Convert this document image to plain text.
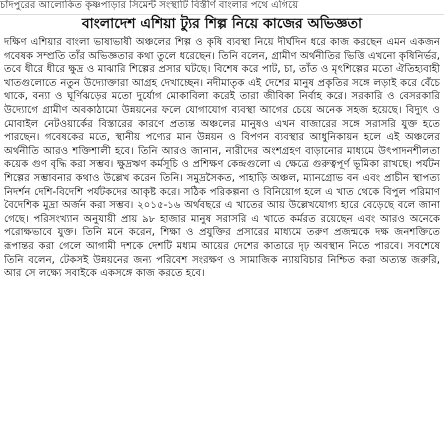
চাঁদপুরের আলোকিত কৃষ্ণপাড়ার সিমেন্ট সংস্থাটি বিস্তীর্ণ বাংলার পথে এগিয়ে
বাংলাদেশ এশিয়া ট্যুর শিল্প নিয়ে কাজের অভিজ্ঞতা

দক্ষিণ এশিয়ার বাংলা ভাষাভাষী অঞ্চলের শিল্প ও কৃষি ব্যবস্থা নিয়ে দীর্ঘদিন ধরে কাজ করছেন এমন একজন গবেষক সম্প্রতি তাঁর অভিজ্ঞতার কথা তুলে ধরেছেন। তিনি বলেন, গ্রামীণ অর্থনীতির ভিত্তি এখনো কৃষিনির্ভর, তবে ধীরে ধীরে ক্ষুদ্র ও মাঝারি শিল্পের প্রসার ঘটছে। বিশেষ করে পাট, চা, তাঁত ও মৃৎশিল্পের মতো ঐতিহ্যবাহী খাতগুলোতে নতুন উদ্যোক্তারা আগ্রহ দেখাচ্ছেন। নদীমাতৃক এই দেশের মানুষ প্রকৃতির সঙ্গে লড়াই করে বেঁচে থাকে, বন্যা ও ঘূর্ণিঝড়ের মতো দুর্যোগ মোকাবিলা করেই তারা জীবিকা নির্বাহ করে। সরকারি ও বেসরকারি উদ্যোগে গ্রামীণ অবকাঠামো উন্নয়নের ফলে যোগাযোগ ব্যবস্থা আগের চেয়ে অনেক সহজ হয়েছে। বিদ্যুৎ ও মোবাইল নেটওয়ার্কের বিস্তারের কারণে প্রত্যন্ত অঞ্চলের মানুষও এখন বাজারের সঙ্গে সরাসরি যুক্ত হতে পারছেন। গবেষকের মতে, স্থানীয় পণ্যের মান উন্নয়ন ও বিপণন ব্যবস্থার আধুনিকায়ন হলে এই অঞ্চলের অর্থনীতি আরও শক্তিশালী হবে। তিনি আরও জানান, নারীদের অংশগ্রহণ বাড়ানোর মাধ্যমে উৎপাদনশীলতা কয়েক গুণ বৃদ্ধি করা সম্ভব। ক্ষুদ্রঋণ কর্মসূচি ও প্রশিক্ষণ কেন্দ্রগুলো এ ক্ষেত্রে গুরুত্বপূর্ণ ভূমিকা রাখছে। পর্যটন শিল্পের সম্ভাবনার কথাও উল্লেখ করেন তিনি। সমুদ্রসৈকত, পাহাড়ি অঞ্চল, ম্যানগ্রোভ বন এবং প্রাচীন স্থাপত্য নিদর্শন দেশি-বিদেশি পর্যটকদের আকৃষ্ট করে। সঠিক পরিকল্পনা ও বিনিয়োগ হলে এ খাত থেকে বিপুল পরিমাণ বৈদেশিক মুদ্রা অর্জন করা সম্ভব। ২০১৫-১৬ অর্থবছরে এ খাতের আয় উল্লেখযোগ্য হারে বেড়েছে বলে জানা গেছে। পরিসংখ্যান অনুযায়ী প্রায় ৯৮ হাজার মানুষ সরাসরি এ খাতে কর্মরত রয়েছেন এবং আরও অনেকে পরোক্ষভাবে যুক্ত। তিনি মনে করেন, শিক্ষা ও প্রযুক্তির প্রসারের মাধ্যমে তরুণ প্রজন্মকে দক্ষ জনশক্তিতে রূপান্তর করা গেলে আগামী দশকে দেশটি মধ্যম আয়ের দেশের কাতারে দৃঢ় অবস্থান নিতে পারবে। সবশেষে তিনি বলেন, টেকসই উন্নয়নের জন্য পরিবেশ সংরক্ষণ ও সামাজিক ন্যায়বিচার নিশ্চিত করা অত্যন্ত জরুরি, আর সে লক্ষ্যে সবাইকে একসঙ্গে কাজ করতে হবে।
